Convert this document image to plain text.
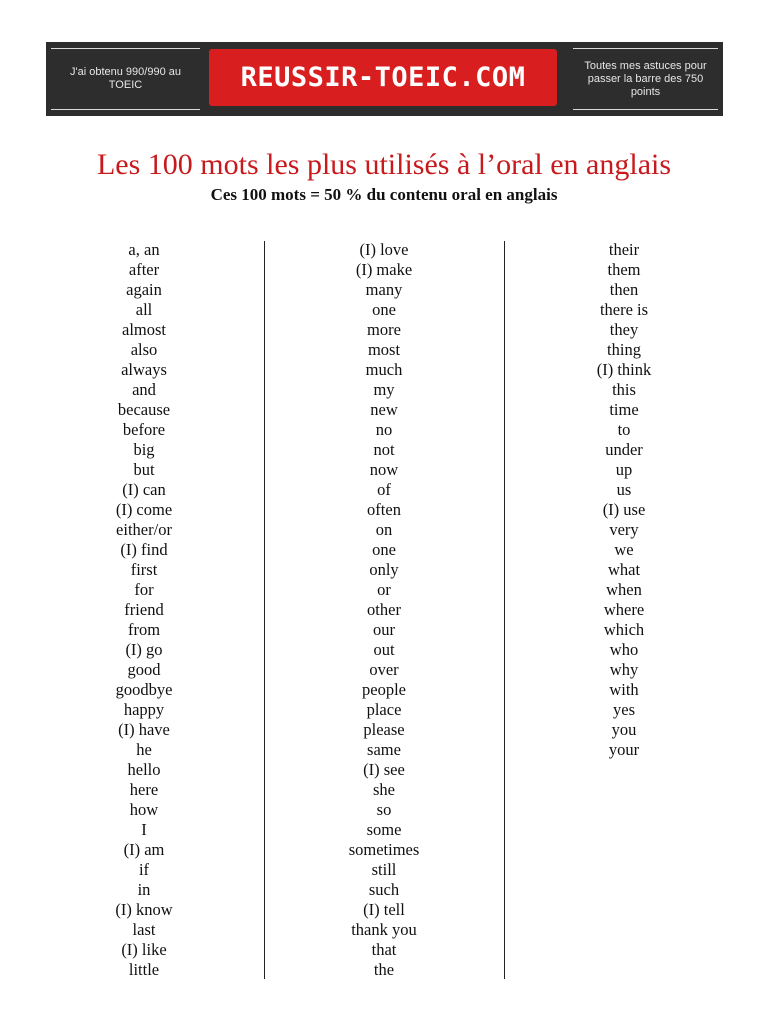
J'ai obtenu 990/990 au TOEIC	REUSSIR-TOEIC.COM	Toutes mes astuces pour passer la barre des 750 points
Les 100 mots les plus utilisés à l’oral en anglais

Ces 100 mots = 50 % du contenu oral en anglais

a, an
after
again
all
almost
also
always
and
because
before
big
but
(I) can
(I) come
either/or
(I) find
first
for
friend
from
(I) go
good
goodbye
happy
(I) have
he
hello
here
how
I
(I) am
if
in
(I) know
last
(I) like
little
(I) love
(I) make
many
one
more
most
much
my
new
no
not
now
of
often
on
one
only
or
other
our
out
over
people
place
please
same
(I) see
she
so
some
sometimes
still
such
(I) tell
thank you
that
the
their
them
then
there is
they
thing
(I) think
this
time
to
under
up
us
(I) use
very
we
what
when
where
which
who
why
with
yes
you
your
